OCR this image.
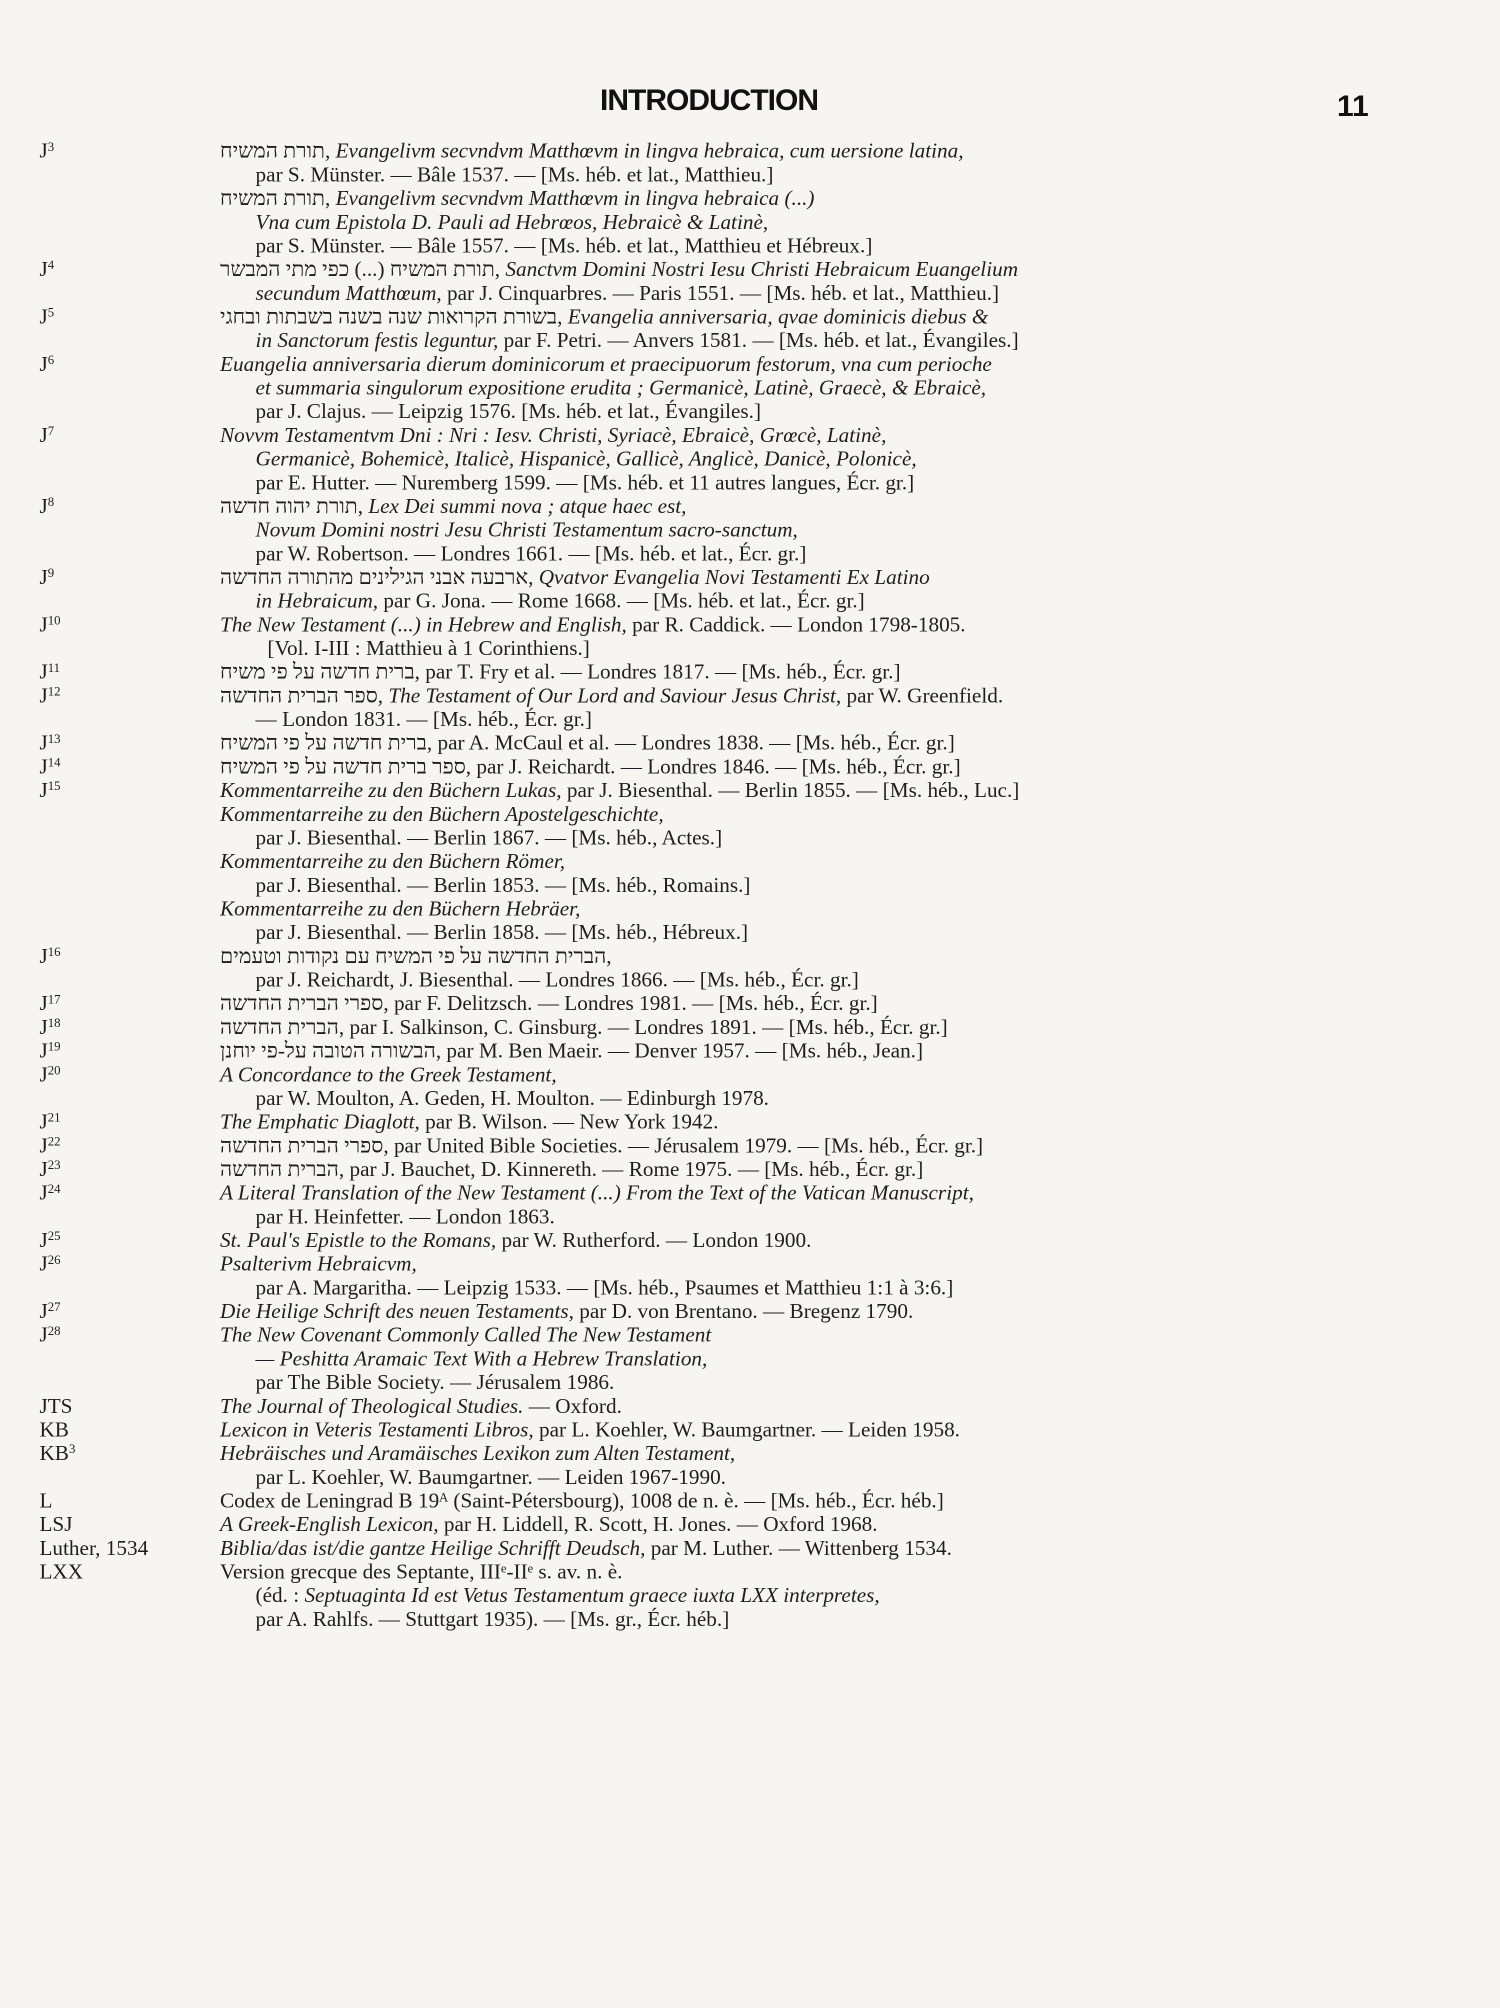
INTRODUCTION	11
$J^3$	תורת המשיח, Evangelivm secvndvm Matthœvm in lingva hebraica, cum uersione latina,
par S. Münster. — Bâle 1537. — [Ms. héb. et lat., Matthieu.]
תורת המשיח, Evangelivm secvndvm Matthœvm in lingva hebraica (...)
Vna cum Epistola D. Pauli ad Hebrœos, Hebraicè & Latinè,
par S. Münster. — Bâle 1557. — [Ms. héb. et lat., Matthieu et Hébreux.]
$J^4$	תורת המשיח (...) כפי מתי המבשר, Sanctvm Domini Nostri Iesu Christi Hebraicum Euangelium
secundum Matthœum, par J. Cinquarbres. — Paris 1551. — [Ms. héb. et lat., Matthieu.]
$J^5$	בשורת הקרואות שנה בשנה בשבתות ובחגי, Evangelia anniversaria, qvae dominicis diebus &
in Sanctorum festis leguntur, par F. Petri. — Anvers 1581. — [Ms. héb. et lat., Évangiles.]
$J^6$	Euangelia anniversaria dierum dominicorum et praecipuorum festorum, vna cum perioche
et summaria singulorum expositione erudita ; Germanicè, Latinè, Graecè, & Ebraicè,
par J. Clajus. — Leipzig 1576. [Ms. héb. et lat., Évangiles.]
$J^7$	Novvm Testamentvm Dni : Nri : Iesv. Christi, Syriacè, Ebraicè, Grœcè, Latinè,
Germanicè, Bohemicè, Italicè, Hispanicè, Gallicè, Anglicè, Danicè, Polonicè,
par E. Hutter. — Nuremberg 1599. — [Ms. héb. et 11 autres langues, Écr. gr.]
$J^8$	תורת יהוה חדשה, Lex Dei summi nova ; atque haec est,
Novum Domini nostri Jesu Christi Testamentum sacro-sanctum,
par W. Robertson. — Londres 1661. — [Ms. héb. et lat., Écr. gr.]
$J^9$	ארבעה אבני הגילינים מהתורה החדשה, Qvatvor Evangelia Novi Testamenti Ex Latino
in Hebraicum, par G. Jona. — Rome 1668. — [Ms. héb. et lat., Écr. gr.]
$J^{10}$	The New Testament (...) in Hebrew and English, par R. Caddick. — London 1798-1805.
[Vol. I-III : Matthieu à 1 Corinthiens.]
$J^{11}$	ברית חדשה על פי משיח, par T. Fry et al. — Londres 1817. — [Ms. héb., Écr. gr.]
$J^{12}$	ספר הברית החדשה, The Testament of Our Lord and Saviour Jesus Christ, par W. Greenfield.
— London 1831. — [Ms. héb., Écr. gr.]
$J^{13}$	ברית חדשה על פי המשיח, par A. McCaul et al. — Londres 1838. — [Ms. héb., Écr. gr.]
$J^{14}$	ספר ברית חדשה על פי המשיח, par J. Reichardt. — Londres 1846. — [Ms. héb., Écr. gr.]
$J^{15}$	Kommentarreihe zu den Büchern Lukas, par J. Biesenthal. — Berlin 1855. — [Ms. héb., Luc.]
Kommentarreihe zu den Büchern Apostelgeschichte,
par J. Biesenthal. — Berlin 1867. — [Ms. héb., Actes.]
Kommentarreihe zu den Büchern Römer,
par J. Biesenthal. — Berlin 1853. — [Ms. héb., Romains.]
Kommentarreihe zu den Büchern Hebräer,
par J. Biesenthal. — Berlin 1858. — [Ms. héb., Hébreux.]
$J^{16}$	הברית החדשה על פי המשיח עם נקודות וטעמים,
par J. Reichardt, J. Biesenthal. — Londres 1866. — [Ms. héb., Écr. gr.]
$J^{17}$	ספרי הברית החדשה, par F. Delitzsch. — Londres 1981. — [Ms. héb., Écr. gr.]
$J^{18}$	הברית החדשה, par I. Salkinson, C. Ginsburg. — Londres 1891. — [Ms. héb., Écr. gr.]
$J^{19}$	הבשורה הטובה על-פי יוחנן, par M. Ben Maeir. — Denver 1957. — [Ms. héb., Jean.]
$J^{20}$	A Concordance to the Greek Testament,
par W. Moulton, A. Geden, H. Moulton. — Edinburgh 1978.
$J^{21}$	The Emphatic Diaglott, par B. Wilson. — New York 1942.
$J^{22}$	ספרי הברית החדשה, par United Bible Societies. — Jérusalem 1979. — [Ms. héb., Écr. gr.]
$J^{23}$	הברית החדשה, par J. Bauchet, D. Kinnereth. — Rome 1975. — [Ms. héb., Écr. gr.]
$J^{24}$	A Literal Translation of the New Testament (...) From the Text of the Vatican Manuscript,
par H. Heinfetter. — London 1863.
$J^{25}$	St. Paul's Epistle to the Romans, par W. Rutherford. — London 1900.
$J^{26}$	Psalterivm Hebraicvm,
par A. Margaritha. — Leipzig 1533. — [Ms. héb., Psaumes et Matthieu 1:1 à 3:6.]
$J^{27}$	Die Heilige Schrift des neuen Testaments, par D. von Brentano. — Bregenz 1790.
$J^{28}$	The New Covenant Commonly Called The New Testament
— Peshitta Aramaic Text With a Hebrew Translation,
par The Bible Society. — Jérusalem 1986.
JTS	The Journal of Theological Studies. — Oxford.
KB	Lexicon in Veteris Testamenti Libros, par L. Koehler, W. Baumgartner. — Leiden 1958.
$KB^3$	Hebräisches und Aramäisches Lexikon zum Alten Testament,
par L. Koehler, W. Baumgartner. — Leiden 1967-1990.
L	Codex de Leningrad B 19ᴬ (Saint-Pétersbourg), 1008 de n. è. — [Ms. héb., Écr. héb.]
LSJ	A Greek-English Lexicon, par H. Liddell, R. Scott, H. Jones. — Oxford 1968.
Luther, 1534	Biblia/das ist/die gantze Heilige Schrifft Deudsch, par M. Luther. — Wittenberg 1534.
LXX	Version grecque des Septante, IIIᵉ-IIᵉ s. av. n. è.
(éd. : Septuaginta Id est Vetus Testamentum graece iuxta LXX interpretes,
par A. Rahlfs. — Stuttgart 1935). — [Ms. gr., Écr. héb.]
